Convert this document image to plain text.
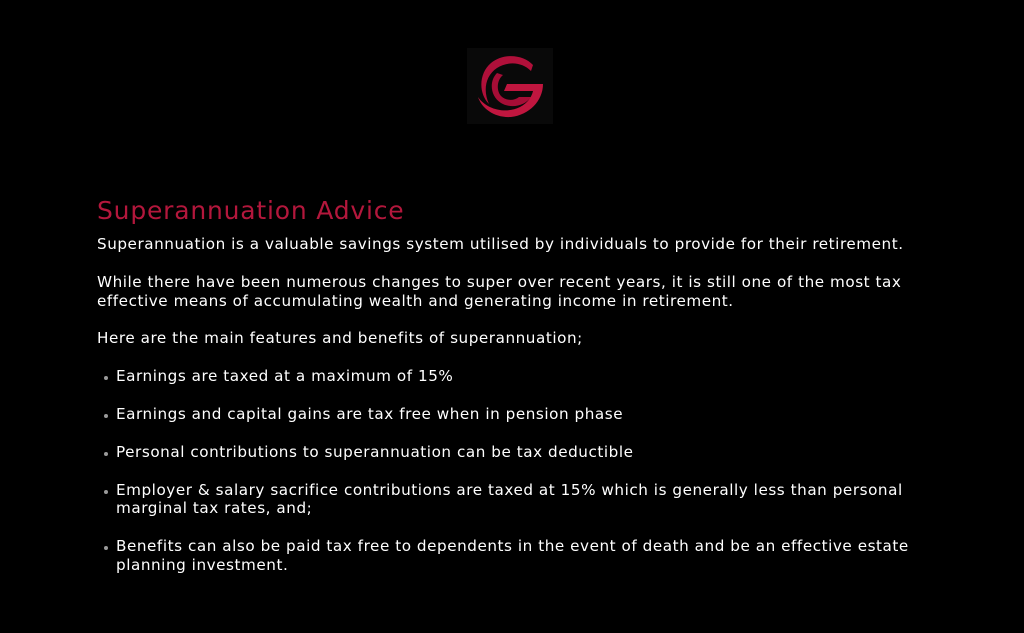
Superannuation Advice

Superannuation is a valuable savings system utilised by individuals to provide for their retirement.

While there have been numerous changes to super over recent years, it is still one of the most tax effective means of accumulating wealth and generating income in retirement.

Here are the main features and benefits of superannuation;

Earnings are taxed at a maximum of 15%
Earnings and capital gains are tax free when in pension phase
Personal contributions to superannuation can be tax deductible
Employer & salary sacrifice contributions are taxed at 15% which is generally less than personal marginal tax rates, and;
Benefits can also be paid tax free to dependents in the event of death and be an effective estate planning investment.
